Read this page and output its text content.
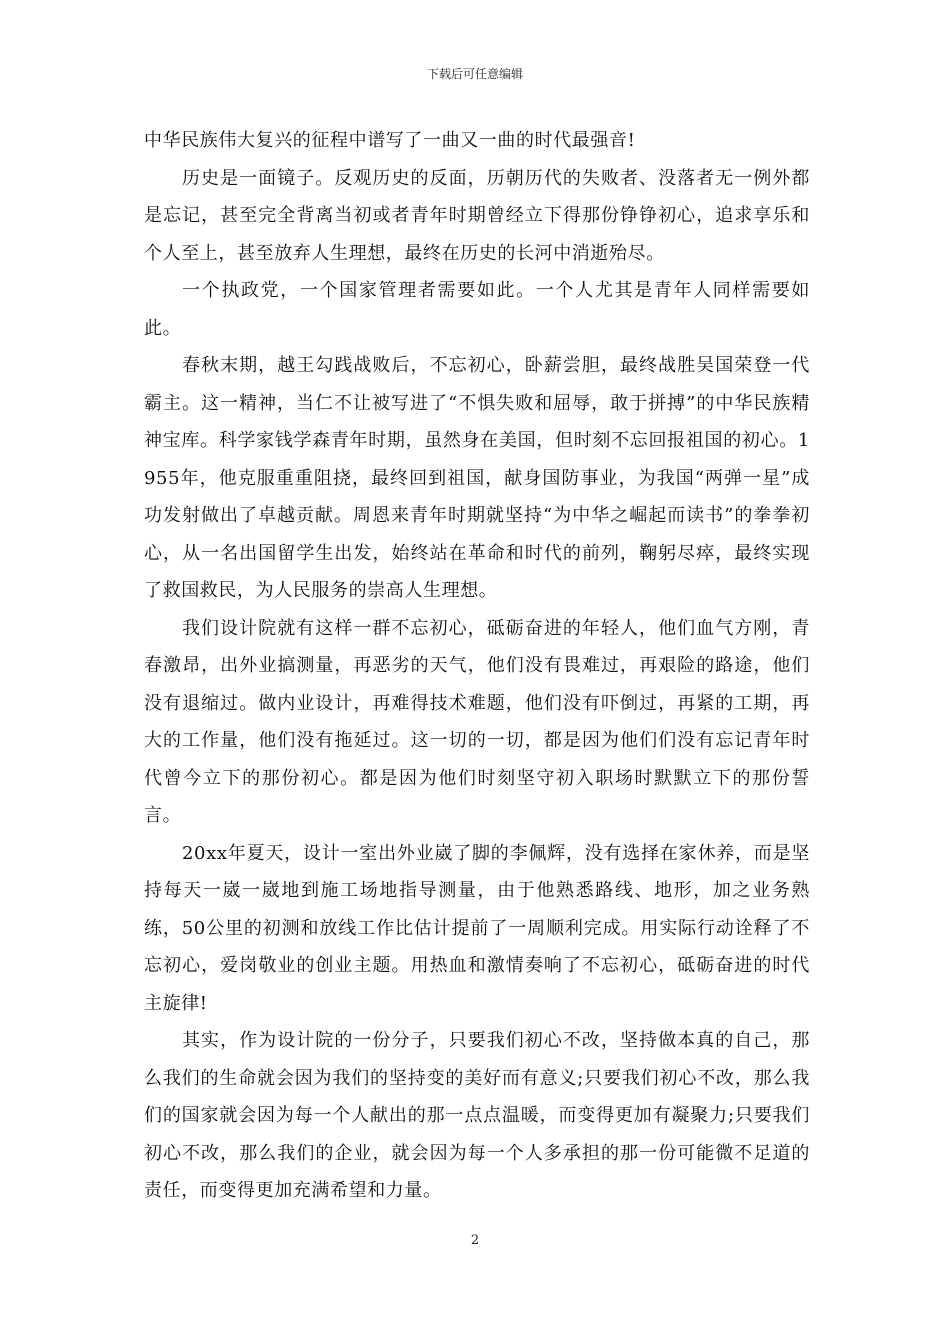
下载后可任意编辑

中华民族伟大复兴的征程中谱写了一曲又一曲的时代最强音!

历史是一面镜子。反观历史的反面，历朝历代的失败者、没落者无一例外都是忘记，甚至完全背离当初或者青年时期曾经立下得那份铮铮初心，追求享乐和个人至上，甚至放弃人生理想，最终在历史的长河中消逝殆尽。

一个执政党，一个国家管理者需要如此。一个人尤其是青年人同样需要如此。

春秋末期，越王勾践战败后，不忘初心，卧薪尝胆，最终战胜吴国荣登一代霸主。这一精神，当仁不让被写进了“不惧失败和屈辱，敢于拼搏”的中华民族精神宝库。科学家钱学森青年时期，虽然身在美国，但时刻不忘回报祖国的初心。1955年，他克服重重阻挠，最终回到祖国，献身国防事业，为我国“两弹一星”成功发射做出了卓越贡献。周恩来青年时期就坚持“为中华之崛起而读书”的拳拳初心，从一名出国留学生出发，始终站在革命和时代的前列，鞠躬尽瘁，最终实现了救国救民，为人民服务的崇高人生理想。

我们设计院就有这样一群不忘初心，砥砺奋进的年轻人，他们血气方刚，青春激昂，出外业搞测量，再恶劣的天气，他们没有畏难过，再艰险的路途，他们没有退缩过。做内业设计，再难得技术难题，他们没有吓倒过，再紧的工期，再大的工作量，他们没有拖延过。这一切的一切，都是因为他们们没有忘记青年时代曾今立下的那份初心。都是因为他们时刻坚守初入职场时默默立下的那份誓言。

20xx年夏天，设计一室出外业崴了脚的李佩辉，没有选择在家休养，而是坚持每天一崴一崴地到施工场地指导测量，由于他熟悉路线、地形，加之业务熟练，50公里的初测和放线工作比估计提前了一周顺利完成。用实际行动诠释了不忘初心，爱岗敬业的创业主题。用热血和激情奏响了不忘初心，砥砺奋进的时代主旋律!

其实，作为设计院的一份分子，只要我们初心不改，坚持做本真的自己，那么我们的生命就会因为我们的坚持变的美好而有意义;只要我们初心不改，那么我们的国家就会因为每一个人献出的那一点点温暖，而变得更加有凝聚力;只要我们初心不改，那么我们的企业，就会因为每一个人多承担的那一份可能微不足道的责任，而变得更加充满希望和力量。

2
